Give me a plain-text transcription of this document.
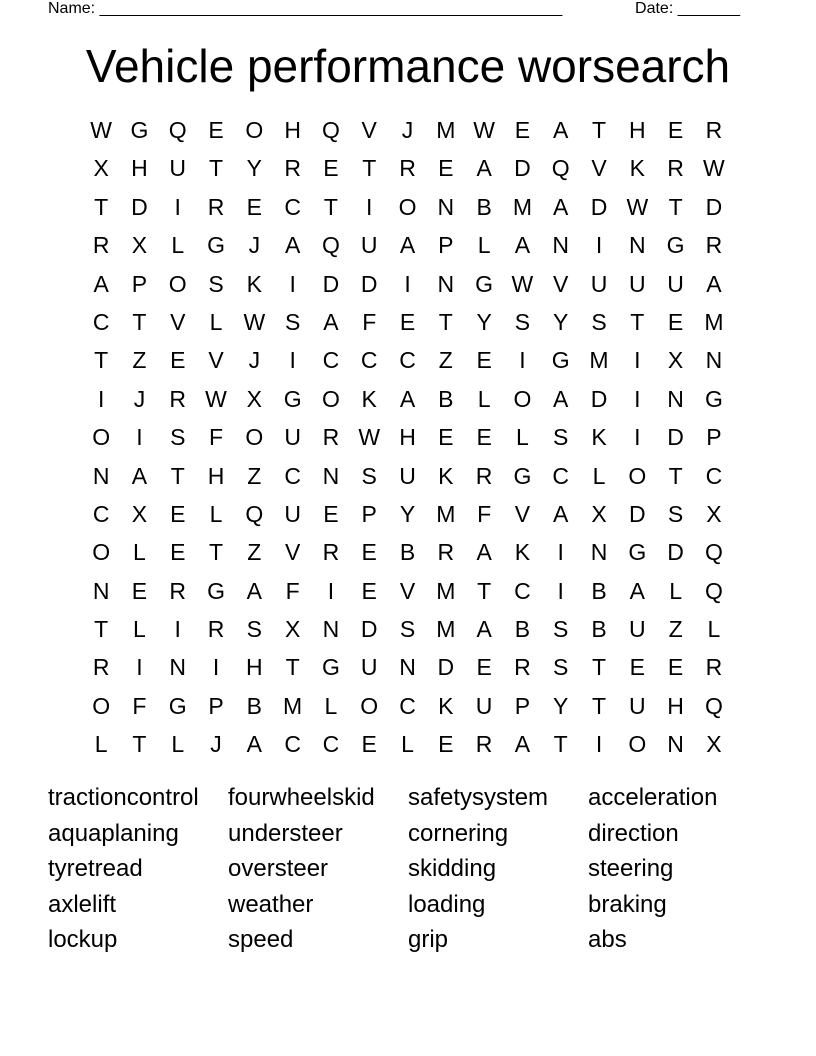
Name: ____________________________________________________	Date: _______
Vehicle performance worsearch
W G Q E O H Q V	J M W E A	T H E R
X H U T	Y R E	T R E A D Q V K R W
T D	I	R E C T	I	O N B M A D W T D
R X	L G	J	A Q U A P	L	A N	I	N G R
A P O S K	I	D D	I	N G W V U U U A
C T	V	L W S A	F	E	T	Y S Y S	T	E M
T	Z	E V	J	I	C C C Z	E	I	G M	I	X N
I	J	R W X G O K A B	L O A D	I	N G
O	I	S	F O U R W H E E	L	S K	I	D P
N A	T H Z C N S U K R G C	L O T C
C X E	L Q U E P Y M F	V A X D S X
O L	E	T	Z	V R E B R A K	I	N G D Q
N E R G A	F	I	E V M T C	I	B A	L Q
T	L	I	R S X N D S M A B S B U Z	L
R	I	N	I	H T G U N D E R S	T	E E R
O F G P B M L O C K U P Y	T U H Q
L	T	L	J	A C C E	L	E R A	T	I	O N X
tractioncontrol	fourwheelskid	safetysystem	acceleration
aquaplaning	understeer	cornering	direction
tyretread	oversteer	skidding	steering
axlelift	weather	loading	braking
lockup	speed	grip	abs
